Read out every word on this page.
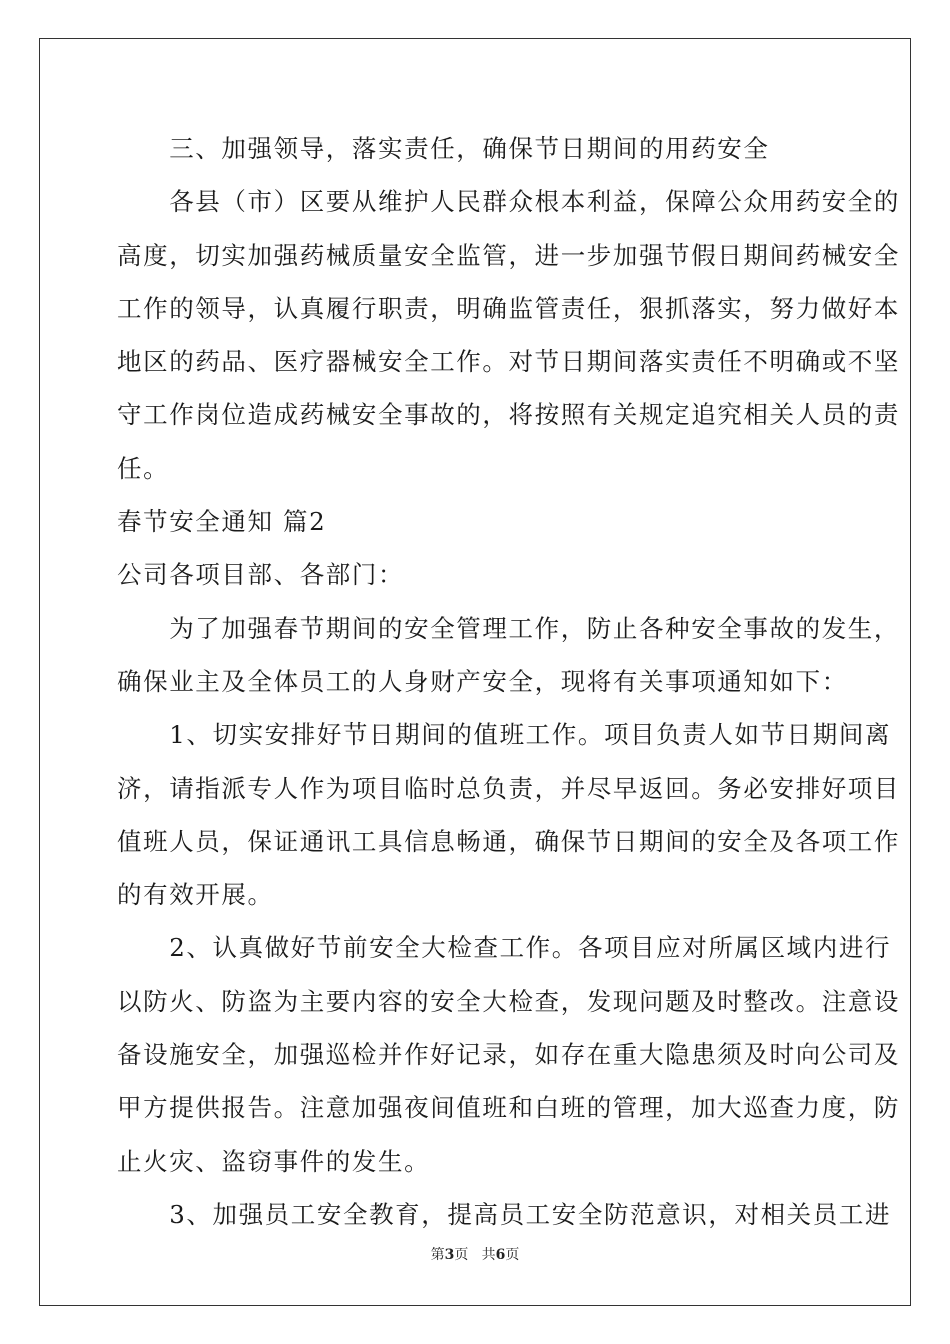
　　三、加强领导，落实责任，确保节日期间的用药安全
　　各县（市）区要从维护人民群众根本利益，保障公众用药安全的
高度，切实加强药械质量安全监管，进一步加强节假日期间药械安全
工作的领导，认真履行职责，明确监管责任，狠抓落实，努力做好本
地区的药品、医疗器械安全工作。对节日期间落实责任不明确或不坚
守工作岗位造成药械安全事故的，将按照有关规定追究相关人员的责
任。
春节安全通知 篇2
公司各项目部、各部门：
　　为了加强春节期间的安全管理工作，防止各种安全事故的发生，
确保业主及全体员工的人身财产安全，现将有关事项通知如下：
　　1、切实安排好节日期间的值班工作。项目负责人如节日期间离
济，请指派专人作为项目临时总负责，并尽早返回。务必安排好项目
值班人员，保证通讯工具信息畅通，确保节日期间的安全及各项工作
的有效开展。
　　2、认真做好节前安全大检查工作。各项目应对所属区域内进行
以防火、防盗为主要内容的安全大检查，发现问题及时整改。注意设
备设施安全，加强巡检并作好记录，如存在重大隐患须及时向公司及
甲方提供报告。注意加强夜间值班和白班的管理，加大巡查力度，防
止火灾、盗窃事件的发生。
　　3、加强员工安全教育，提高员工安全防范意识，对相关员工进
第3页 共6页
